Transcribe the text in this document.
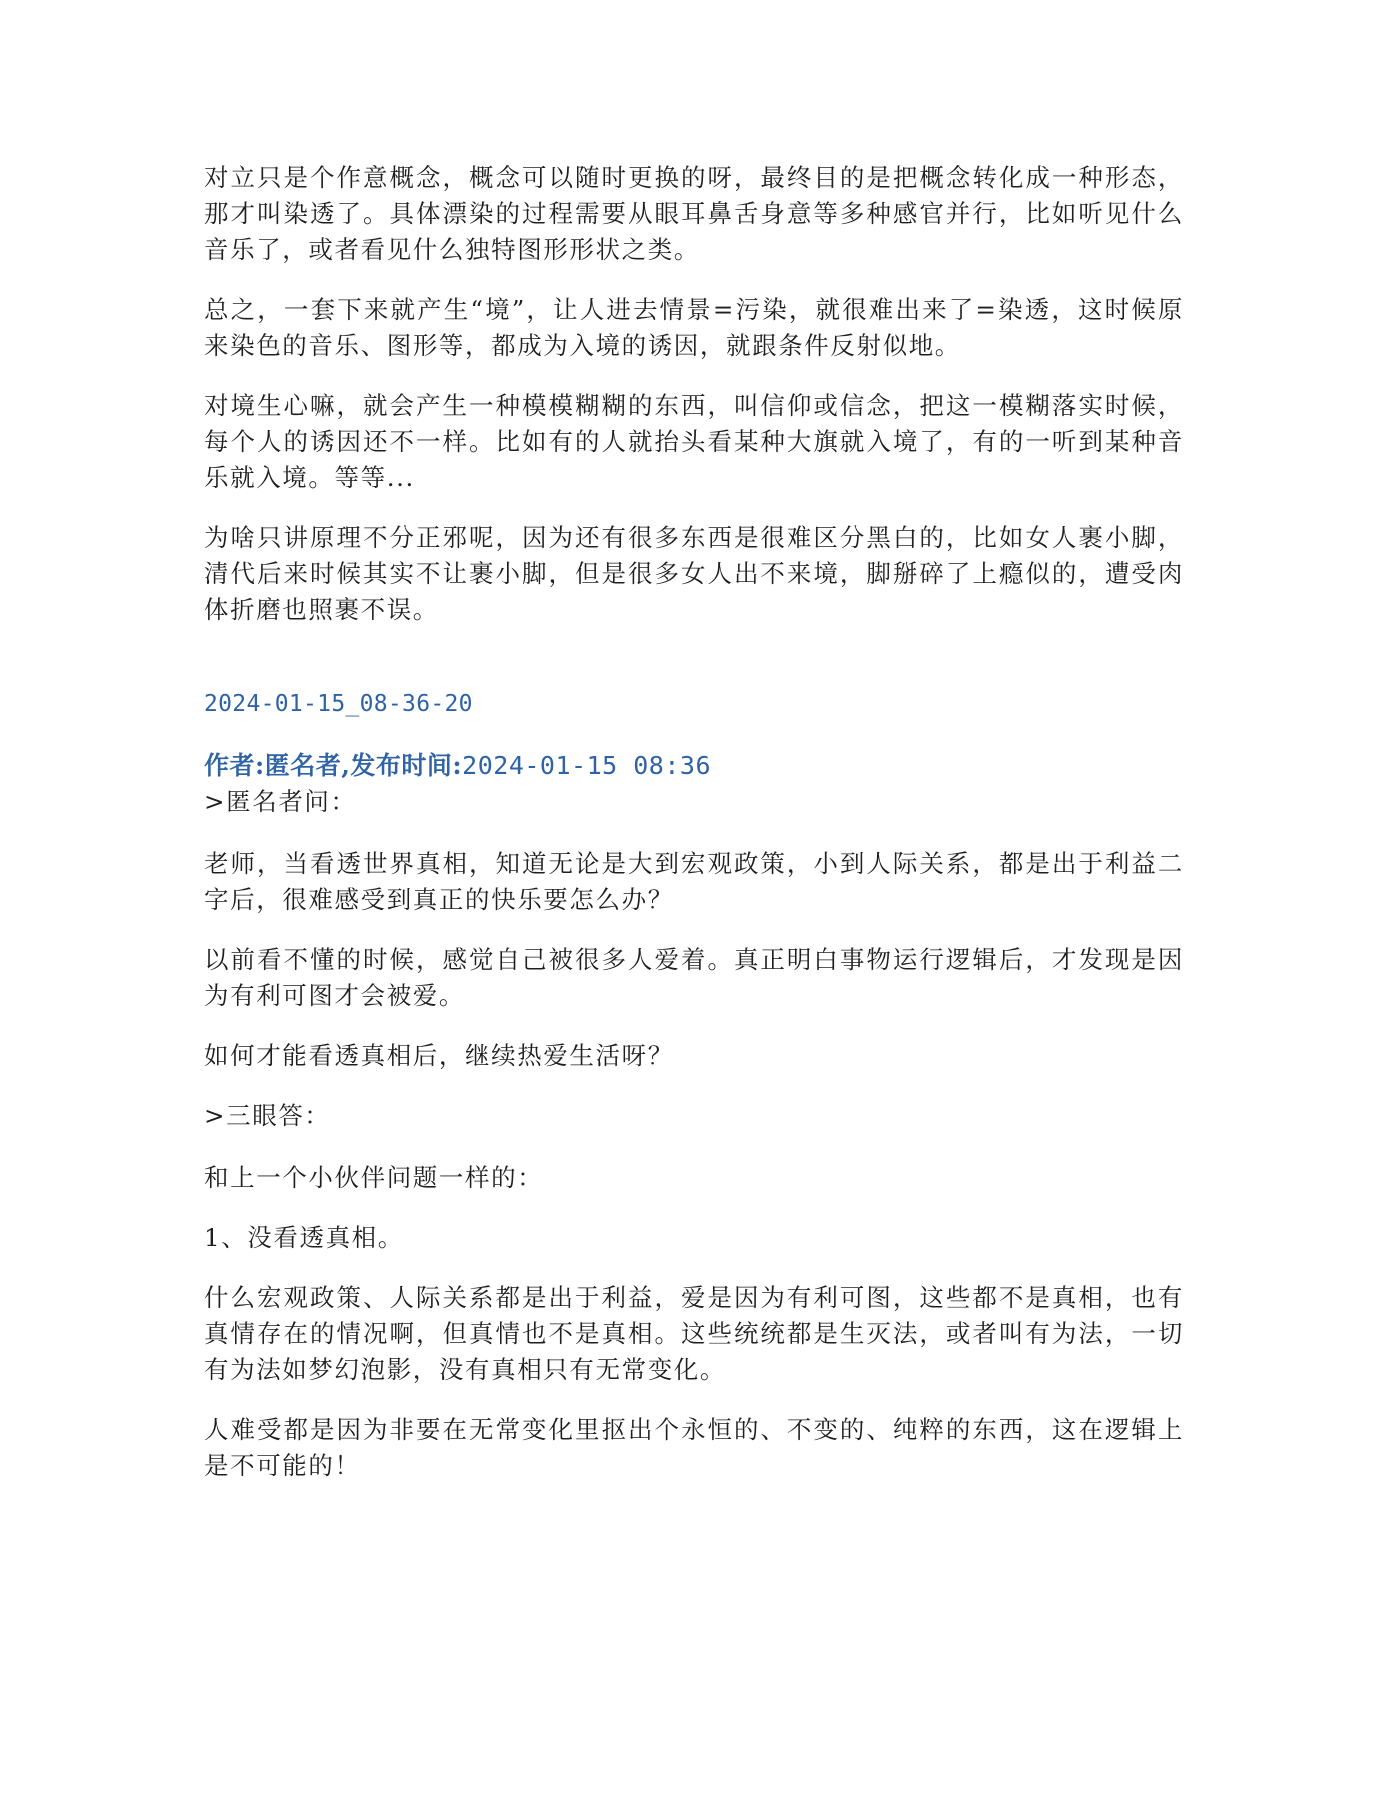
对立只是个作意概念，概念可以随时更换的呀，最终目的是把概念转化成一种形态，那才叫染透了。具体漂染的过程需要从眼耳鼻舌身意等多种感官并行，比如听见什么音乐了，或者看见什么独特图形形状之类。

总之，一套下来就产生“境”，让人进去情景=污染，就很难出来了=染透，这时候原来染色的音乐、图形等，都成为入境的诱因，就跟条件反射似地。

对境生心嘛，就会产生一种模模糊糊的东西，叫信仰或信念，把这一模糊落实时候，每个人的诱因还不一样。比如有的人就抬头看某种大旗就入境了，有的一听到某种音乐就入境。等等...

为啥只讲原理不分正邪呢，因为还有很多东西是很难区分黑白的，比如女人裹小脚，清代后来时候其实不让裹小脚，但是很多女人出不来境，脚掰碎了上瘾似的，遭受肉体折磨也照裹不误。

2024-01-15_08-36-20
作者:匿名者,发布时间:2024-01-15 08:36
>匿名者问：

老师，当看透世界真相，知道无论是大到宏观政策，小到人际关系，都是出于利益二字后，很难感受到真正的快乐要怎么办？

以前看不懂的时候，感觉自己被很多人爱着。真正明白事物运行逻辑后，才发现是因为有利可图才会被爱。

如何才能看透真相后，继续热爱生活呀？

>三眼答：

和上一个小伙伴问题一样的：

1、没看透真相。

什么宏观政策、人际关系都是出于利益，爱是因为有利可图，这些都不是真相，也有真情存在的情况啊，但真情也不是真相。这些统统都是生灭法，或者叫有为法，一切有为法如梦幻泡影，没有真相只有无常变化。

人难受都是因为非要在无常变化里抠出个永恒的、不变的、纯粹的东西，这在逻辑上是不可能的！
